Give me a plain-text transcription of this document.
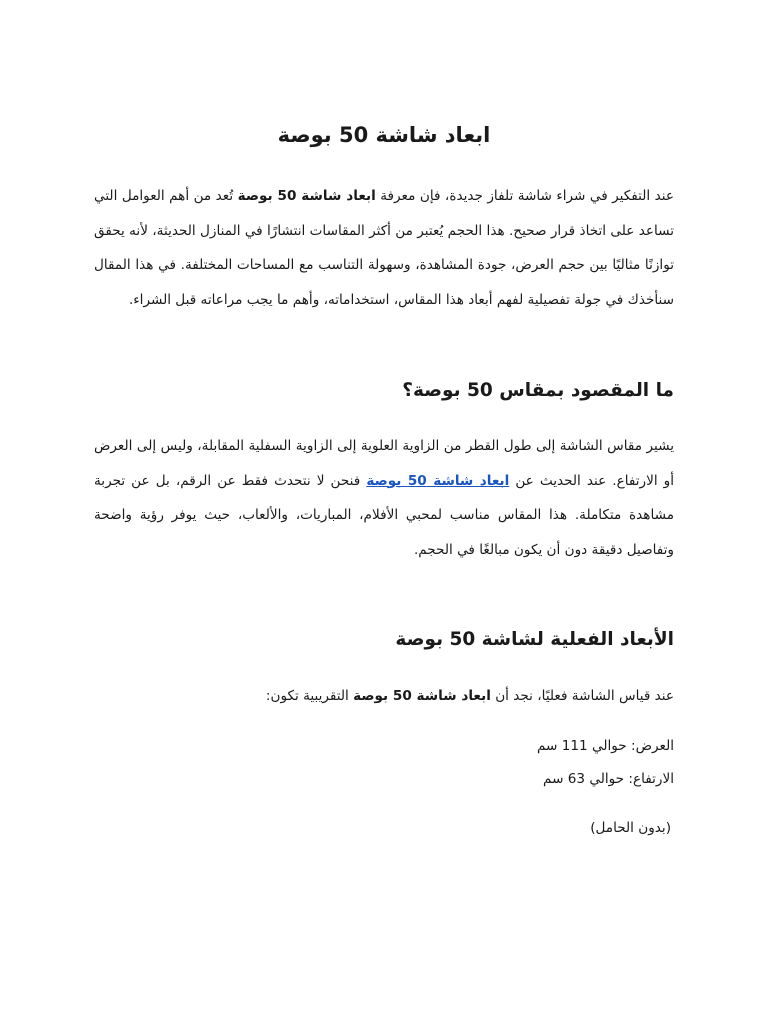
ابعاد شاشة 50 بوصة

عند التفكير في شراء شاشة تلفاز جديدة، فإن معرفة ابعاد شاشة 50 بوصة تُعد من أهم العوامل التي تساعد على اتخاذ قرار صحيح. هذا الحجم يُعتبر من أكثر المقاسات انتشارًا في المنازل الحديثة، لأنه يحقق توازنًا مثاليًا بين حجم العرض، جودة المشاهدة، وسهولة التناسب مع المساحات المختلفة. في هذا المقال سنأخذك في جولة تفصيلية لفهم أبعاد هذا المقاس، استخداماته، وأهم ما يجب مراعاته قبل الشراء.

ما المقصود بمقاس 50 بوصة؟

يشير مقاس الشاشة إلى طول القطر من الزاوية العلوية إلى الزاوية السفلية المقابلة، وليس إلى العرض أو الارتفاع. عند الحديث عن ابعاد شاشة 50 بوصة فنحن لا نتحدث فقط عن الرقم، بل عن تجربة مشاهدة متكاملة. هذا المقاس مناسب لمحبي الأفلام، المباريات، والألعاب، حيث يوفر رؤية واضحة وتفاصيل دقيقة دون أن يكون مبالغًا في الحجم.

الأبعاد الفعلية لشاشة 50 بوصة

عند قياس الشاشة فعليًا، نجد أن ابعاد شاشة 50 بوصة التقريبية تكون:

العرض: حوالي 111 سم

الارتفاع: حوالي 63 سم

(بدون الحامل)
